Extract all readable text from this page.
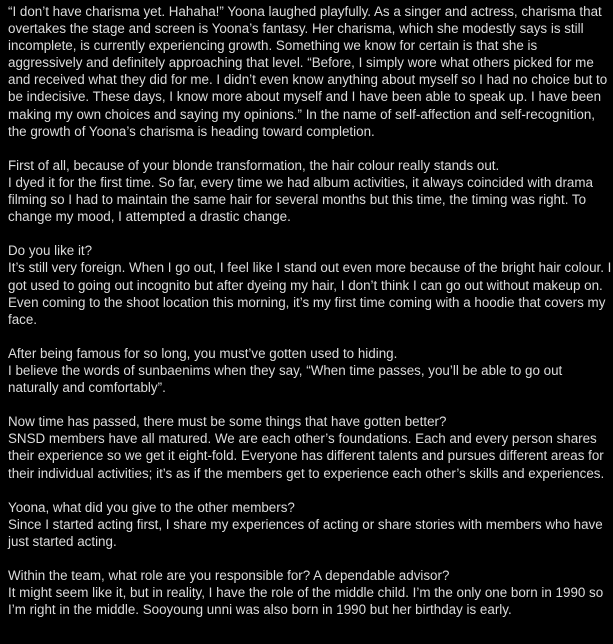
“I don’t have charisma yet. Hahaha!” Yoona laughed playfully. As a singer and actress, charisma that overtakes the stage and screen is Yoona’s fantasy. Her charisma, which she modestly says is still incomplete, is currently experiencing growth. Something we know for certain is that she is aggressively and definitely approaching that level. “Before, I simply wore what others picked for me and received what they did for me. I didn’t even know anything about myself so I had no choice but to be indecisive. These days, I know more about myself and I have been able to speak up. I have been making my own choices and saying my opinions.” In the name of self-affection and self-recognition, the growth of Yoona’s charisma is heading toward completion.

First of all, because of your blonde transformation, the hair colour really stands out.
I dyed it for the first time. So far, every time we had album activities, it always coincided with drama filming so I had to maintain the same hair for several months but this time, the timing was right. To change my mood, I attempted a drastic change.

Do you like it?
It’s still very foreign. When I go out, I feel like I stand out even more because of the bright hair colour. I got used to going out incognito but after dyeing my hair, I don’t think I can go out without makeup on. Even coming to the shoot location this morning, it’s my first time coming with a hoodie that covers my face.

After being famous for so long, you must’ve gotten used to hiding.
I believe the words of sunbaenims when they say, “When time passes, you’ll be able to go out naturally and comfortably”.

Now time has passed, there must be some things that have gotten better?
SNSD members have all matured. We are each other’s foundations. Each and every person shares their experience so we get it eight-fold. Everyone has different talents and pursues different areas for their individual activities; it’s as if the members get to experience each other’s skills and experiences.

Yoona, what did you give to the other members?
Since I started acting first, I share my experiences of acting or share stories with members who have just started acting.

Within the team, what role are you responsible for? A dependable advisor?
It might seem like it, but in reality, I have the role of the middle child. I’m the only one born in 1990 so I’m right in the middle. Sooyoung unni was also born in 1990 but her birthday is early.
